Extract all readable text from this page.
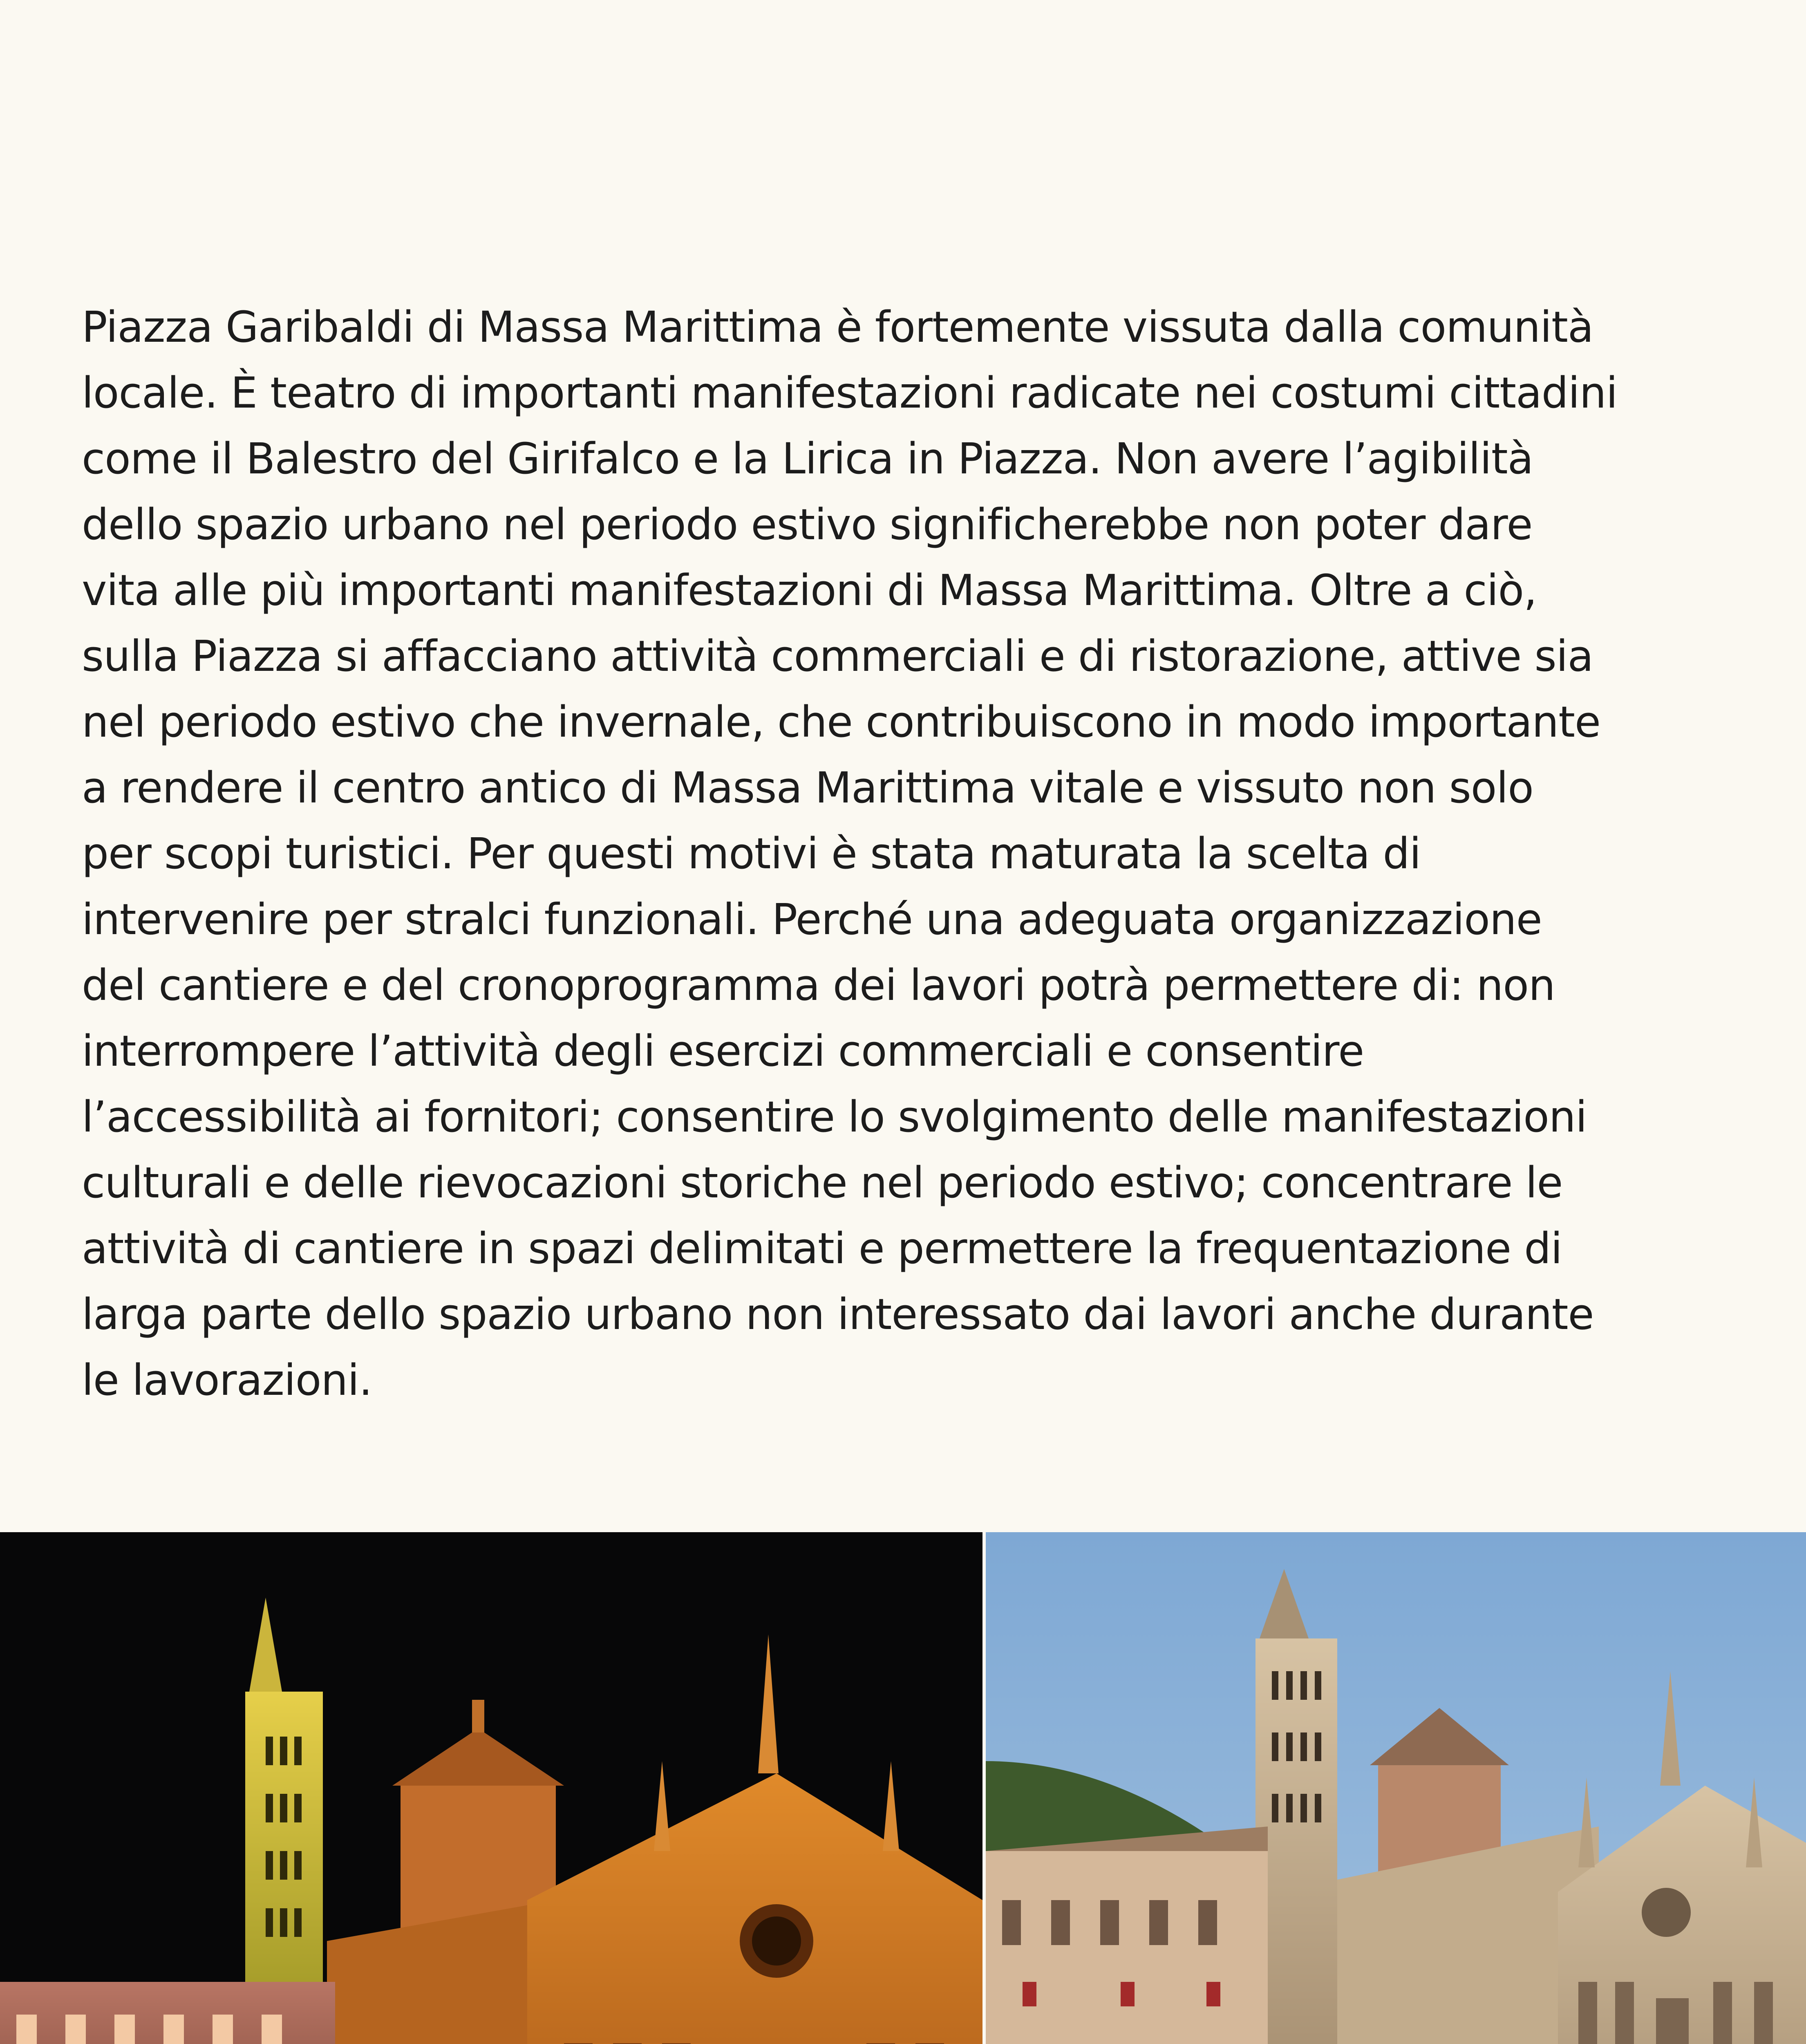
Piazza Garibaldi di Massa Marittima è fortemente vissuta dalla comunità
locale. È teatro di importanti manifestazioni radicate nei costumi cittadini
come il Balestro del Girifalco e la Lirica in Piazza. Non avere l’agibilità
dello spazio urbano nel periodo estivo significherebbe non poter dare
vita alle più importanti manifestazioni di Massa Marittima. Oltre a ciò,
sulla Piazza si affacciano attività commerciali e di ristorazione, attive sia
nel periodo estivo che invernale, che contribuiscono in modo importante
a rendere il centro antico di Massa Marittima vitale e vissuto non solo
per scopi turistici. Per questi motivi è stata maturata la scelta di
intervenire per stralci funzionali. Perché una adeguata organizzazione
del cantiere e del cronoprogramma dei lavori potrà permettere di: non
interrompere l’attività degli esercizi commerciali e consentire
l’accessibilità ai fornitori; consentire lo svolgimento delle manifestazioni
culturali e delle rievocazioni storiche nel periodo estivo; concentrare le
attività di cantiere in spazi delimitati e permettere la frequentazione di
larga parte dello spazio urbano non interessato dai lavori anche durante
le lavorazioni.
